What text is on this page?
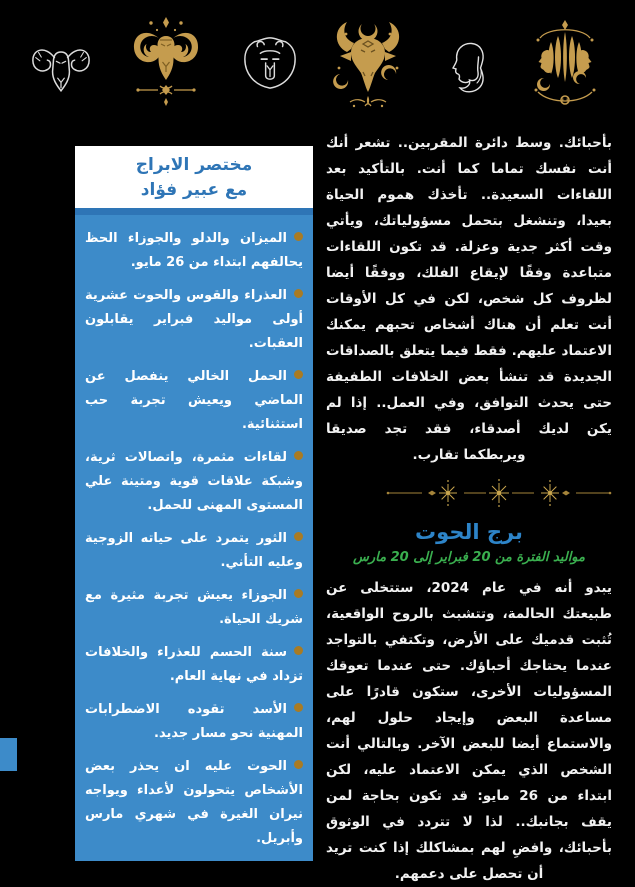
مختصر الابراج
مع عبير فؤاد
الميزان والدلو والجوزاء الحظ يحالفهم ابتداء من 26 مايو.
العذراء والقوس والحوت عشرية أولى مواليد فبراير يقابلون العقبات.
الحمل الخالي ينفصل عن الماضي ويعيش تجربة حب استثنائية.
لقاءات مثمرة، واتصالات ثرية، وشبكة علاقات قوية ومتينة علي المستوى المهنى للحمل.
الثور يتمرد على حياته الزوجية وعليه التأني.
الجوزاء يعيش تجربة مثيرة مع شريك الحياة.
سنة الحسم للعذراء والخلافات تزداد في نهاية العام.
الأسد تقوده الاضطرابات المهنية نحو مسار جديد.
الحوت عليه ان يحذر بعض الأشخاص يتحولون لأعداء ويواجه نيران الغيرة في شهري مارس وأبريل.

بأحبائك. وسط دائرة المقربين.. تشعر أنك أنت نفسك تماما كما أنت. بالتأكيد بعد اللقاءات السعيدة.. تأخذك هموم الحياة بعيدا، وتنشغل بتحمل مسؤولياتك، ويأتي وقت أكثر جدية وعزلة. قد تكون اللقاءات متباعدة وفقًا لإيقاع الفلك، ووفقًا أيضا لظروف كل شخص، لكن في كل الأوقات أنت تعلم أن هناك أشخاص تحبهم يمكنك الاعتماد عليهم. فقط فيما يتعلق بالصداقات الجديدة قد تنشأ بعض الخلافات الطفيفة حتى يحدث التوافق، وفي العمل.. إذا لم يكن لديك أصدقاء، فقد تجد صديقا ويربطكما تقارب.

برج الحوت

مواليد الفترة من 20 فبراير إلى 20 مارس

يبدو أنه في عام 2024، ستتخلى عن طبيعتك الحالمة، وتتشبث بالروح الواقعية، تُثبت قدميك على الأرض، وتكتفي بالتواجد عندما يحتاجك أحباؤك. حتى عندما تعوقك المسؤوليات الأخرى، ستكون قادرًا على مساعدة البعض وإيجاد حلول لهم، والاستماع أيضا للبعض الآخر. وبالتالي أنت الشخص الذي يمكن الاعتماد عليه، لكن ابتداء من 26 مايو: قد تكون بحاجة لمن يقف بجانبك.. لذا لا تتردد في الوثوق بأحبائك، وافضِ لهم بمشاكلك إذا كنت تريد أن تحصل على دعمهم.
